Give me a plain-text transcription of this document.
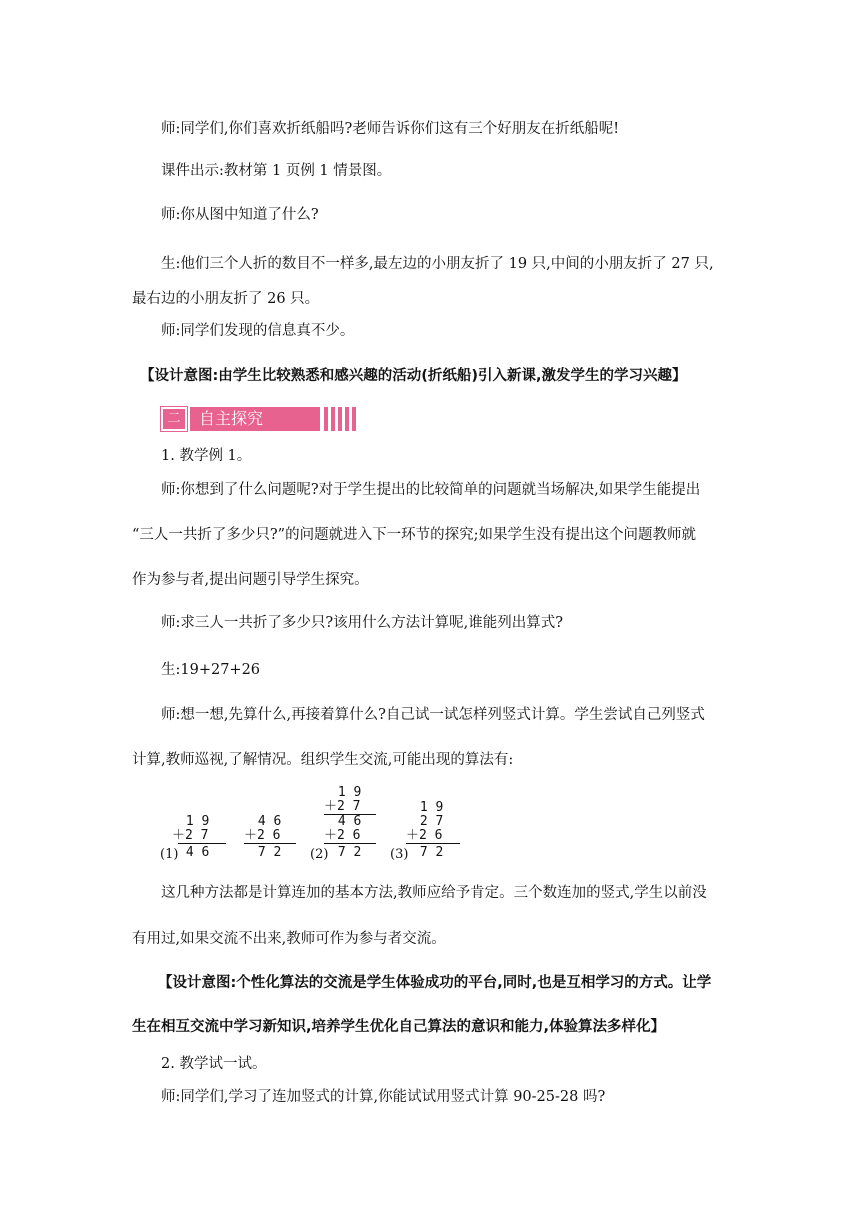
师:同学们,你们喜欢折纸船吗?老师告诉你们这有三个好朋友在折纸船呢!
课件出示:教材第 1 页例 1 情景图。
师:你从图中知道了什么?
生:他们三个人折的数目不一样多,最左边的小朋友折了 19 只,中间的小朋友折了 27 只,
最右边的小朋友折了 26 只。
师:同学们发现的信息真不少。
【设计意图:由学生比较熟悉和感兴趣的活动(折纸船)引入新课,激发学生的学习兴趣】
二	自主探究
1. 教学例 1。
师:你想到了什么问题呢?对于学生提出的比较简单的问题就当场解决,如果学生能提出
“三人一共折了多少只?”的问题就进入下一环节的探究;如果学生没有提出这个问题教师就
作为参与者,提出问题引导学生探究。
师:求三人一共折了多少只?该用什么方法计算呢,谁能列出算式?
生:19+27+26
师:想一想,先算什么,再接着算什么?自己试一试怎样列竖式计算。学生尝试自己列竖式
计算,教师巡视,了解情况。组织学生交流,可能出现的算法有:
(1)
1 9
＋2 7
4 6
4 6
＋2 6
7 2 (2)
1 9
＋2 7
4 6
＋2 6
7 2 (3)
1 9
2 7
＋2 6
7 2
这几种方法都是计算连加的基本方法,教师应给予肯定。三个数连加的竖式,学生以前没
有用过,如果交流不出来,教师可作为参与者交流。
【设计意图:个性化算法的交流是学生体验成功的平台,同时,也是互相学习的方式。让学
生在相互交流中学习新知识,培养学生优化自己算法的意识和能力,体验算法多样化】
2. 教学试一试。
师:同学们,学习了连加竖式的计算,你能试试用竖式计算 90-25-28 吗?
